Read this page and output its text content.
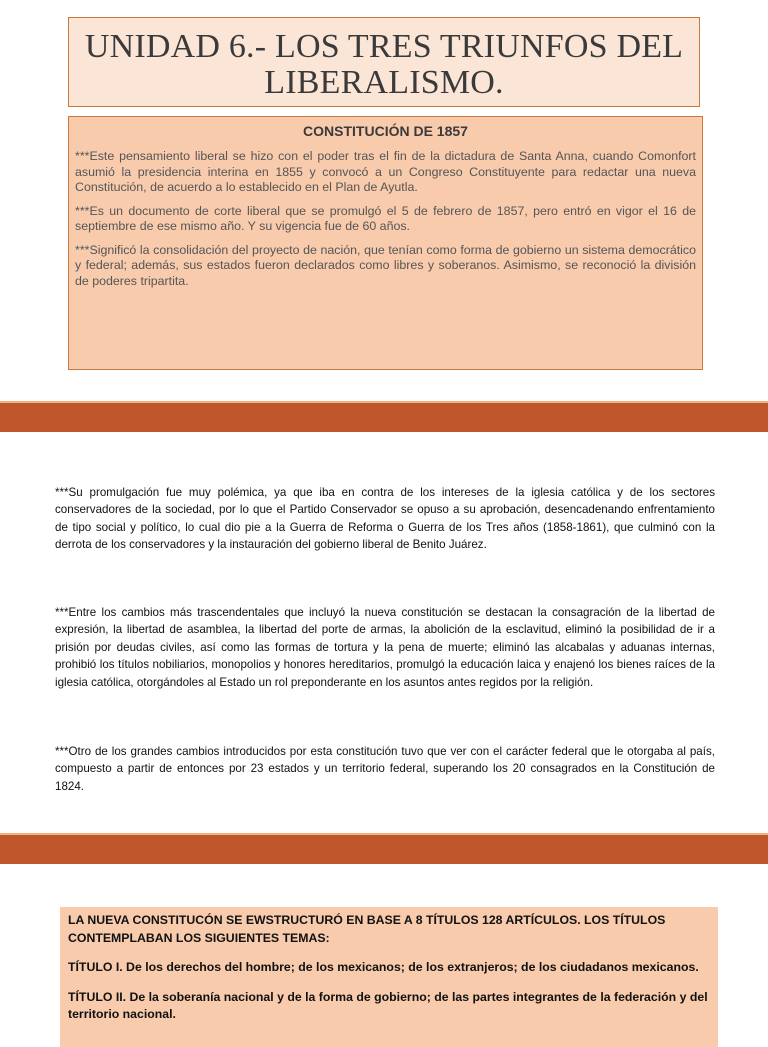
UNIDAD 6.- LOS TRES TRIUNFOS DEL LIBERALISMO.
CONSTITUCIÓN DE 1857

***Este pensamiento liberal se hizo con el poder tras el fin de la dictadura de Santa Anna, cuando Comonfort asumió la presidencia interina en 1855 y convocó a un Congreso Constituyente para redactar una nueva Constitución, de acuerdo a lo establecido en el Plan de Ayutla.

***Es un documento de corte liberal que se promulgó el 5 de febrero de 1857, pero entró en vigor el 16 de septiembre de ese mismo año. Y su vigencia fue de 60 años.

***Significó la consolidación del proyecto de nación, que tenían como forma de gobierno un sistema democrático y federal; además, sus estados fueron declarados como libres y soberanos. Asimismo, se reconoció la división de poderes tripartita.

***Su promulgación fue muy polémica, ya que iba en contra de los intereses de la iglesia católica y de los sectores conservadores de la sociedad, por lo que el Partido Conservador se opuso a su aprobación, desencadenando enfrentamiento de tipo social y político, lo cual dio pie a la Guerra de Reforma o Guerra de los Tres años (1858-1861), que culminó con la derrota de los conservadores y la instauración del gobierno liberal de Benito Juárez.

***Entre los cambios más trascendentales que incluyó la nueva constitución se destacan la consagración de la libertad de expresión, la libertad de asamblea, la libertad del porte de armas, la abolición de la esclavitud, eliminó la posibilidad de ir a prisión por deudas civiles, así como las formas de tortura y la pena de muerte; eliminó las alcabalas y aduanas internas, prohibió los títulos nobiliarios, monopolios y honores hereditarios, promulgó la educación laica y enajenó los bienes raíces de la iglesia católica, otorgándoles al Estado un rol preponderante en los asuntos antes regidos por la religión.

***Otro de los grandes cambios introducidos por esta constitución tuvo que ver con el carácter federal que le otorgaba al país, compuesto a partir de entonces por 23 estados y un territorio federal, superando los 20 consagrados en la Constitución de 1824.

LA NUEVA CONSTITUCÓN SE EWSTRUCTURÓ EN BASE A 8 TÍTULOS 128 ARTÍCULOS. LOS TÍTULOS CONTEMPLABAN LOS SIGUIENTES TEMAS:

TÍTULO I. De los derechos del hombre; de los mexicanos; de los extranjeros; de los ciudadanos mexicanos.

TÍTULO II. De la soberanía nacional y de la forma de gobierno; de las partes integrantes de la federación y del territorio nacional.
